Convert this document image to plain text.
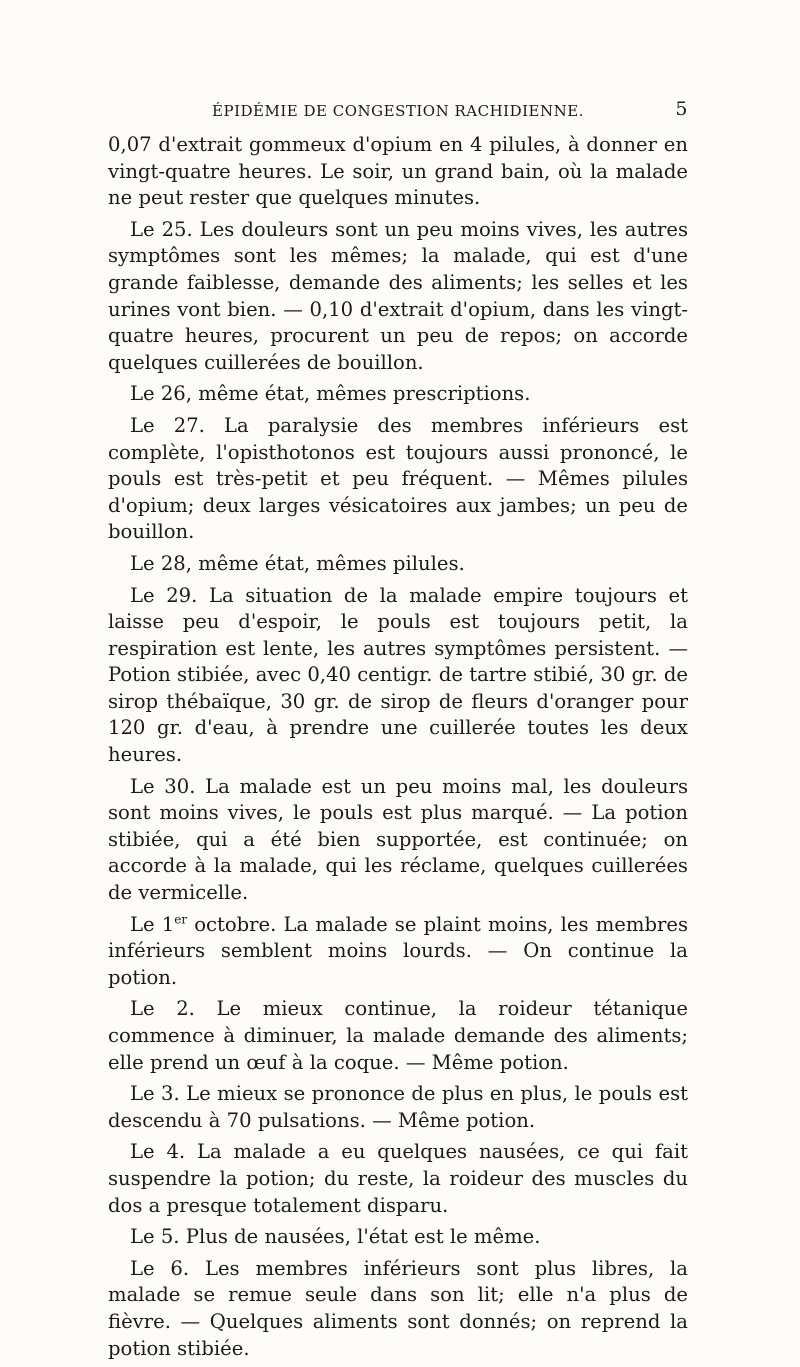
ÉPIDÉMIE DE CONGESTION RACHIDIENNE.	5

0,07 d'extrait gommeux d'opium en 4 pilules, à donner en vingt-quatre heures. Le soir, un grand bain, où la malade ne peut rester que quelques minutes.

Le 25. Les douleurs sont un peu moins vives, les autres symptômes sont les mêmes; la malade, qui est d'une grande faiblesse, demande des aliments; les selles et les urines vont bien. — 0,10 d'extrait d'opium, dans les vingt-quatre heures, procurent un peu de repos; on accorde quelques cuillerées de bouillon.

Le 26, même état, mêmes prescriptions.

Le 27. La paralysie des membres inférieurs est complète, l'opisthotonos est toujours aussi prononcé, le pouls est très-petit et peu fréquent. — Mêmes pilules d'opium; deux larges vésicatoires aux jambes; un peu de bouillon.

Le 28, même état, mêmes pilules.

Le 29. La situation de la malade empire toujours et laisse peu d'espoir, le pouls est toujours petit, la respiration est lente, les autres symptômes persistent. — Potion stibiée, avec 0,40 centigr. de tartre stibié, 30 gr. de sirop thébaïque, 30 gr. de sirop de fleurs d'oranger pour 120 gr. d'eau, à prendre une cuillerée toutes les deux heures.

Le 30. La malade est un peu moins mal, les douleurs sont moins vives, le pouls est plus marqué. — La potion stibiée, qui a été bien supportée, est continuée; on accorde à la malade, qui les réclame, quelques cuillerées de vermicelle.

Le 1er octobre. La malade se plaint moins, les membres inférieurs semblent moins lourds. — On continue la potion.

Le 2. Le mieux continue, la roideur tétanique commence à diminuer, la malade demande des aliments; elle prend un œuf à la coque. — Même potion.

Le 3. Le mieux se prononce de plus en plus, le pouls est descendu à 70 pulsations. — Même potion.

Le 4. La malade a eu quelques nausées, ce qui fait suspendre la potion; du reste, la roideur des muscles du dos a presque totalement disparu.

Le 5. Plus de nausées, l'état est le même.

Le 6. Les membres inférieurs sont plus libres, la malade se remue seule dans son lit; elle n'a plus de fièvre. — Quelques aliments sont donnés; on reprend la potion stibiée.
